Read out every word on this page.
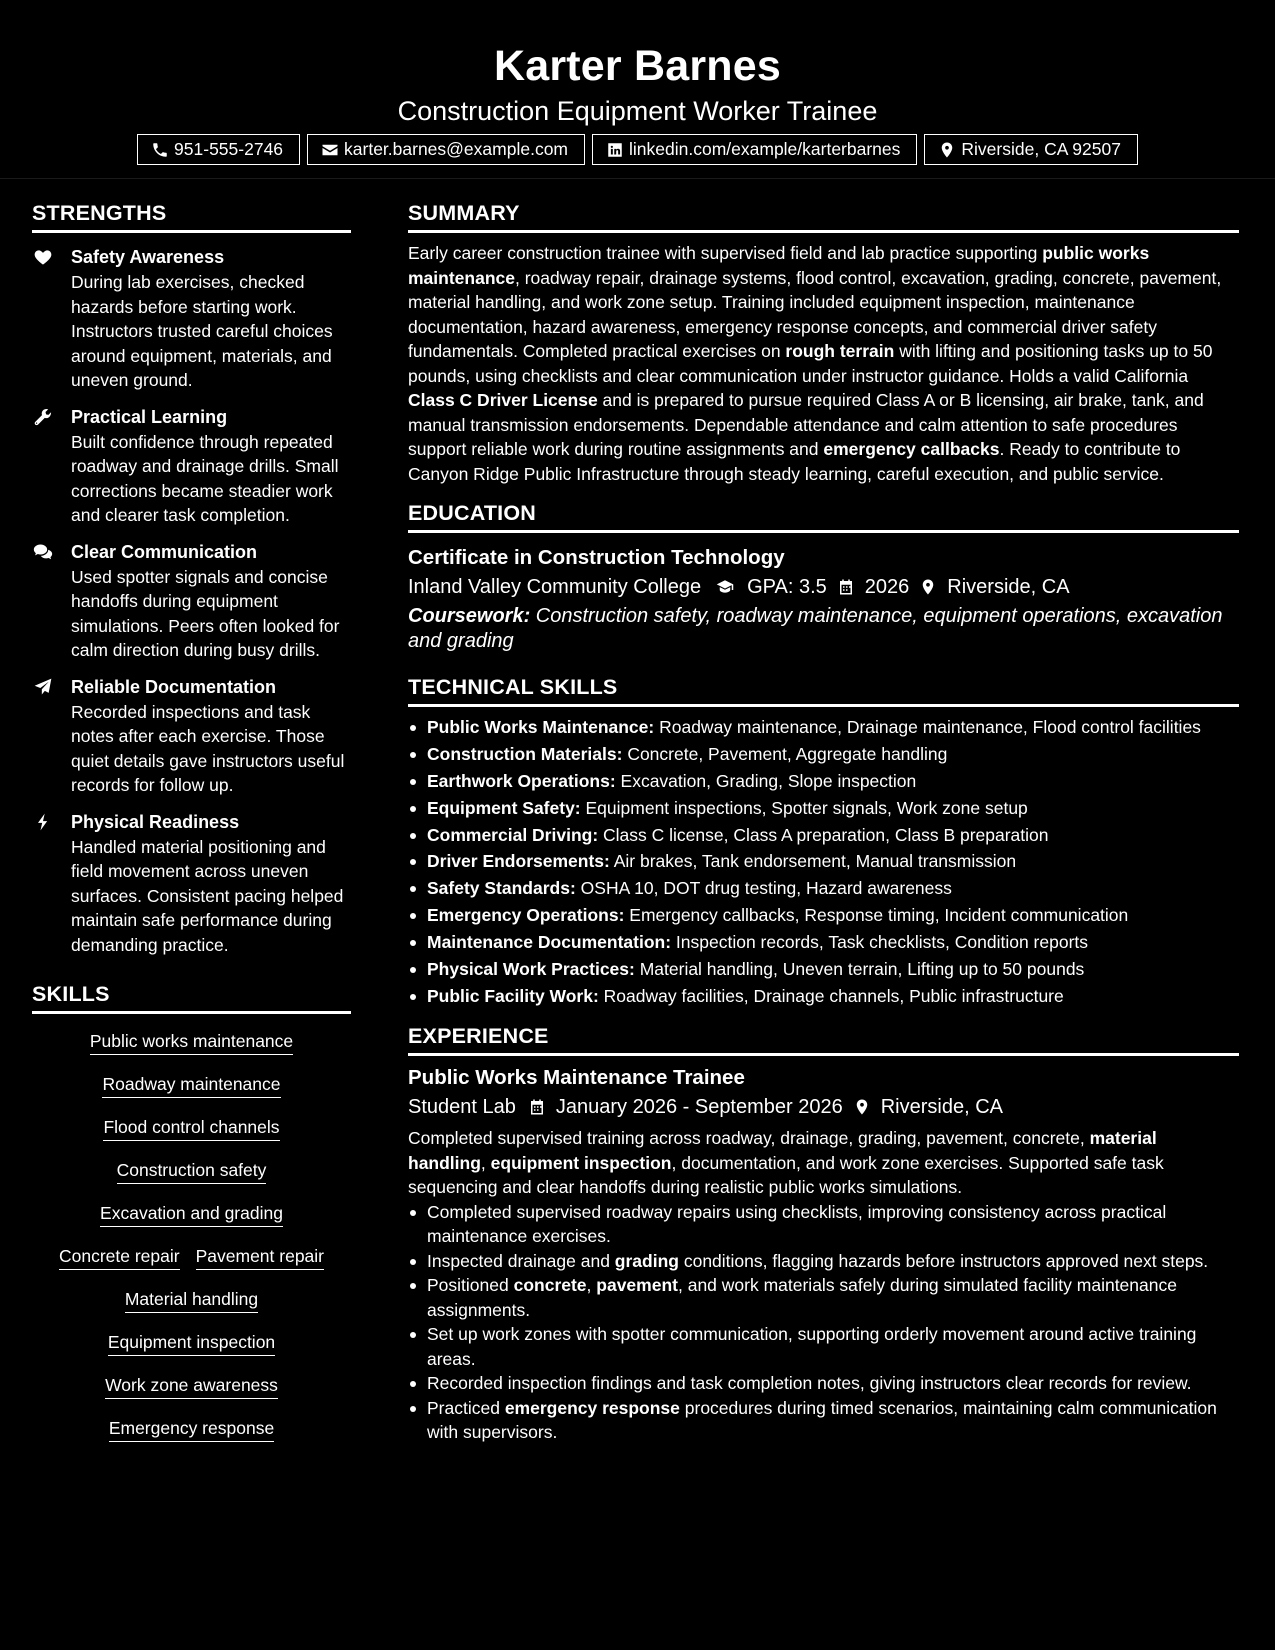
Karter Barnes
Construction Equipment Worker Trainee
951-555-2746	karter.barnes@example.com	linkedin.com/example/karterbarnes	Riverside, CA 92507
STRENGTHS
Safety Awareness
During lab exercises, checked hazards before starting work. Instructors trusted careful choices around equipment, materials, and uneven ground.
Practical Learning
Built confidence through repeated roadway and drainage drills. Small corrections became steadier work and clearer task completion.
Clear Communication
Used spotter signals and concise handoffs during equipment simulations. Peers often looked for calm direction during busy drills.
Reliable Documentation
Recorded inspections and task notes after each exercise. Those quiet details gave instructors useful records for follow up.
Physical Readiness
Handled material positioning and field movement across uneven surfaces. Consistent pacing helped maintain safe performance during demanding practice.
SKILLS
Public works maintenance
Roadway maintenance
Flood control channels
Construction safety
Excavation and grading
Concrete repair Pavement repair
Material handling
Equipment inspection
Work zone awareness
Emergency response
SUMMARY
Early career construction trainee with supervised field and lab practice supporting public works maintenance, roadway repair, drainage systems, flood control, excavation, grading, concrete, pavement, material handling, and work zone setup. Training included equipment inspection, maintenance documentation, hazard awareness, emergency response concepts, and commercial driver safety fundamentals. Completed practical exercises on rough terrain with lifting and positioning tasks up to 50 pounds, using checklists and clear communication under instructor guidance. Holds a valid California Class C Driver License and is prepared to pursue required Class A or B licensing, air brake, tank, and manual transmission endorsements. Dependable attendance and calm attention to safe procedures support reliable work during routine assignments and emergency callbacks. Ready to contribute to Canyon Ridge Public Infrastructure through steady learning, careful execution, and public service.
EDUCATION
Certificate in Construction Technology
Inland Valley Community College GPA: 3.5 2026 Riverside, CA
Coursework: Construction safety, roadway maintenance, equipment operations, excavation and grading
TECHNICAL SKILLS
Public Works Maintenance: Roadway maintenance, Drainage maintenance, Flood control facilities
Construction Materials: Concrete, Pavement, Aggregate handling
Earthwork Operations: Excavation, Grading, Slope inspection
Equipment Safety: Equipment inspections, Spotter signals, Work zone setup
Commercial Driving: Class C license, Class A preparation, Class B preparation
Driver Endorsements: Air brakes, Tank endorsement, Manual transmission
Safety Standards: OSHA 10, DOT drug testing, Hazard awareness
Emergency Operations: Emergency callbacks, Response timing, Incident communication
Maintenance Documentation: Inspection records, Task checklists, Condition reports
Physical Work Practices: Material handling, Uneven terrain, Lifting up to 50 pounds
Public Facility Work: Roadway facilities, Drainage channels, Public infrastructure
EXPERIENCE
Public Works Maintenance Trainee
Student Lab January 2026 - September 2026 Riverside, CA
Completed supervised training across roadway, drainage, grading, pavement, concrete, material handling, equipment inspection, documentation, and work zone exercises. Supported safe task sequencing and clear handoffs during realistic public works simulations.
Completed supervised roadway repairs using checklists, improving consistency across practical maintenance exercises.
Inspected drainage and grading conditions, flagging hazards before instructors approved next steps.
Positioned concrete, pavement, and work materials safely during simulated facility maintenance assignments.
Set up work zones with spotter communication, supporting orderly movement around active training areas.
Recorded inspection findings and task completion notes, giving instructors clear records for review.
Practiced emergency response procedures during timed scenarios, maintaining calm communication with supervisors.
